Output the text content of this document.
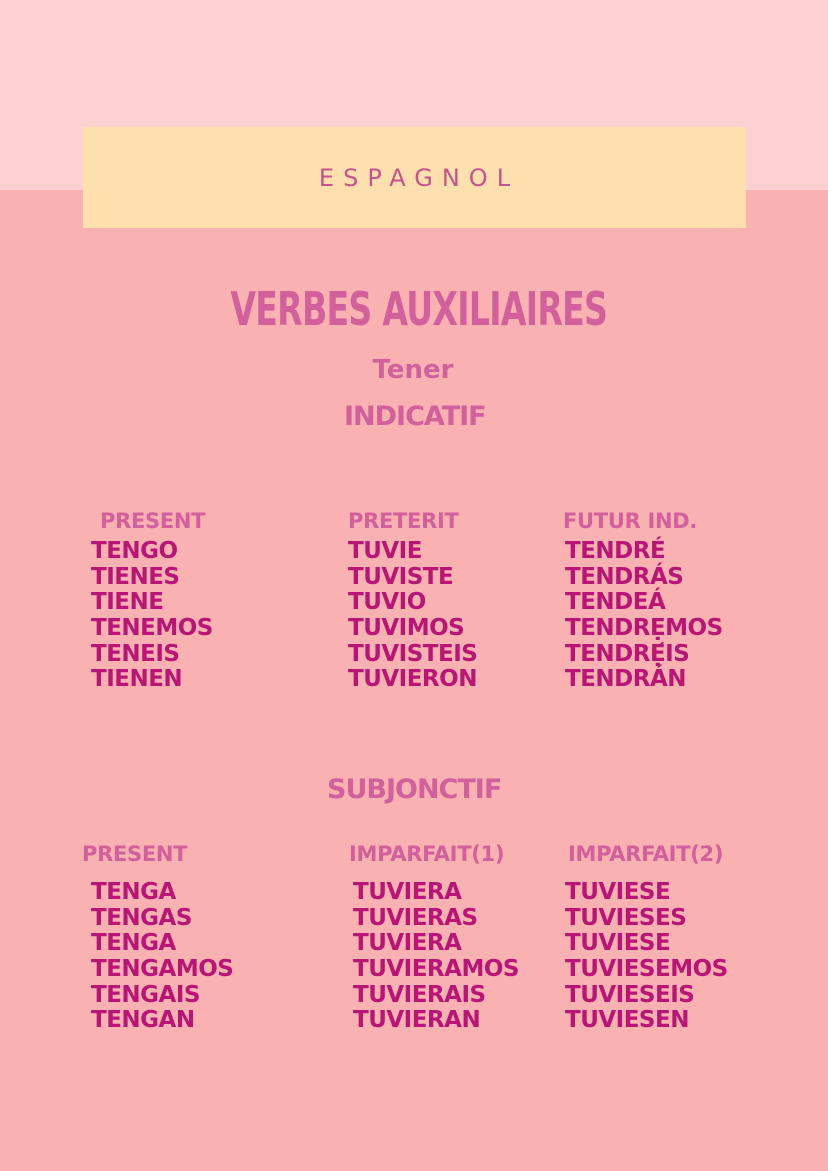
ESPAGNOL
VERBES AUXILIAIRES
Tener
INDICATIF
PRESENT
TENGO
TIENES
TIENE
TENEMOS
TENEIS
TIENEN
PRETERIT
TUVIE
TUVISTE
TUVIO
TUVIMOS
TUVISTEIS
TUVIERON
FUTUR IND.
TENDRÉ
TENDRÁS
TENDEÁ
TENDRẸMOS
TENDRẸ́IS
TENDRÁN
SUBJONCTIF
PRESENT
TENGA
TENGAS
TENGA
TENGAMOS
TENGAIS
TENGAN
IMPARFAIT(1)
TUVIERA
TUVIERAS
TUVIERA
TUVIERAMOS
TUVIERAIS
TUVIERAN
IMPARFAIT(2)
TUVIESE
TUVIESES
TUVIESE
TUVIESEMOS
TUVIESEIS
TUVIESEN
